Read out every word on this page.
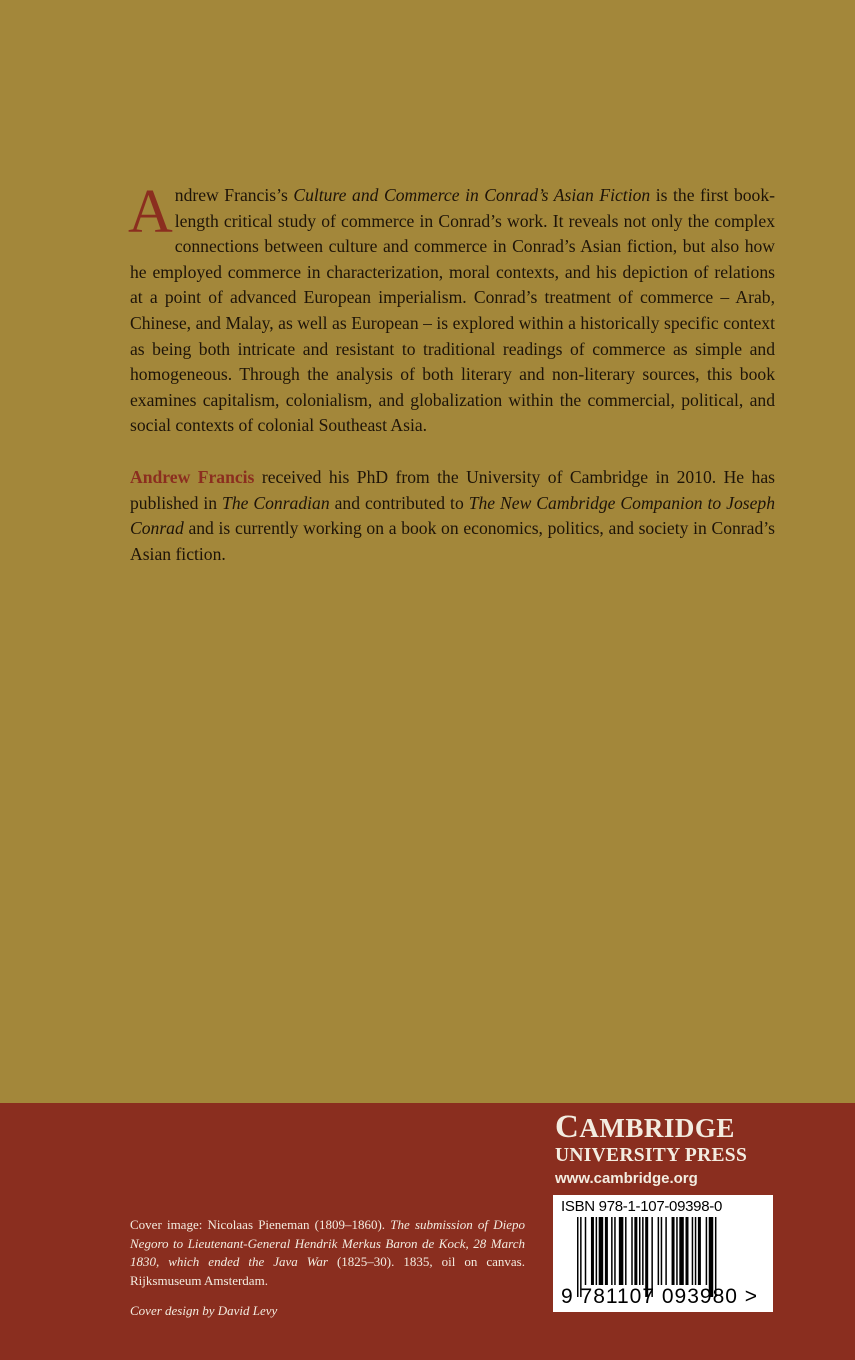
Andrew Francis’s Culture and Commerce in Conrad’s Asian Fiction is the first book-length critical study of commerce in Conrad’s work. It reveals not only the complex connections between culture and commerce in Conrad’s Asian fiction, but also how he employed commerce in characterization, moral contexts, and his depiction of relations at a point of advanced European imperialism. Conrad’s treatment of commerce – Arab, Chinese, and Malay, as well as European – is explored within a historically specific context as being both intricate and resistant to traditional readings of commerce as simple and homogeneous. Through the analysis of both literary and non-literary sources, this book examines capitalism, colonialism, and globalization within the commercial, political, and social contexts of colonial Southeast Asia.

Andrew Francis received his PhD from the University of Cambridge in 2010. He has published in The Conradian and contributed to The New Cambridge Companion to Joseph Conrad and is currently working on a book on economics, politics, and society in Conrad’s Asian fiction.

Cover image: Nicolaas Pieneman (1809–1860). The submission of Diepo Negoro to Lieutenant-General Hendrik Merkus Baron de Kock, 28 March 1830, which ended the Java War (1825–30). 1835, oil on canvas. Rijksmuseum Amsterdam.

Cover design by David Levy

CAMBRIDGE
UNIVERSITY PRESS
www.cambridge.org
ISBN 978-1-107-09398-0
9 781107 093980 >
